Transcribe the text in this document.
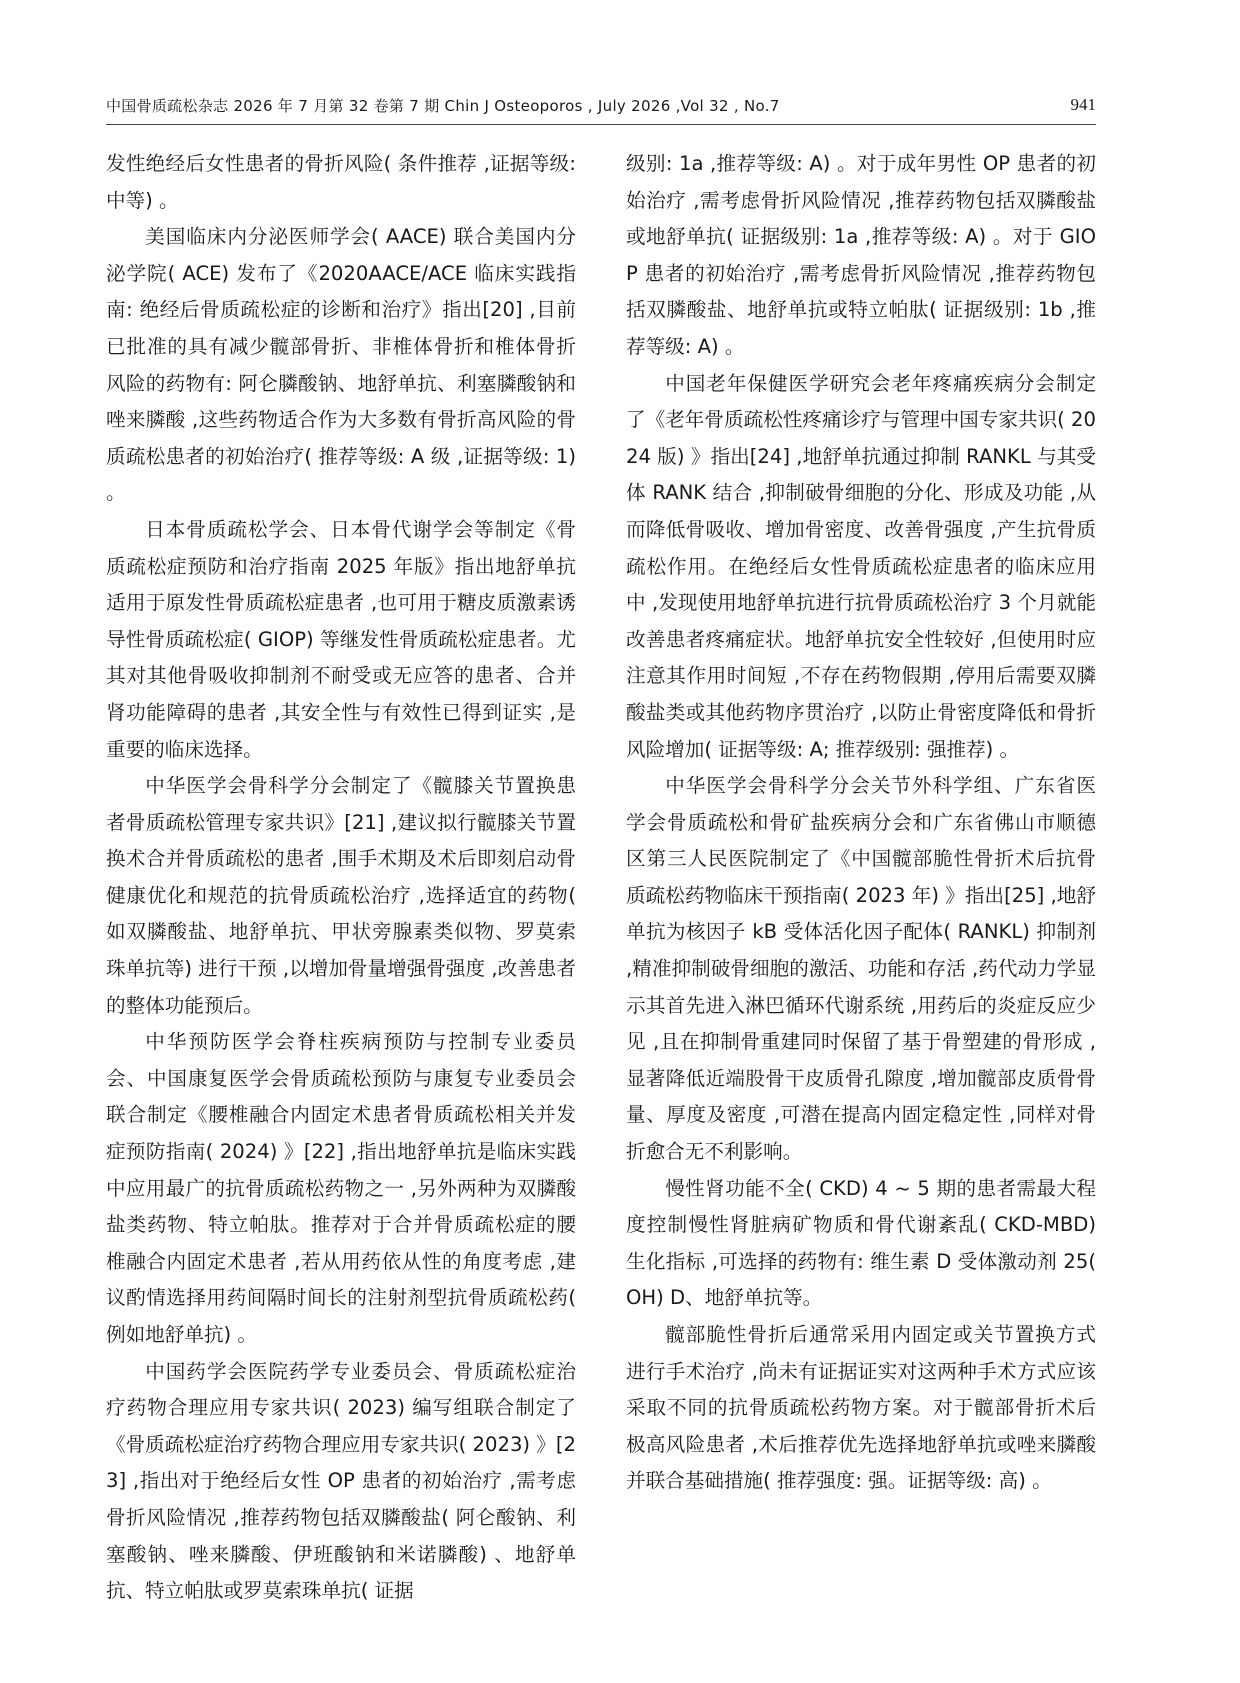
中国骨质疏松杂志 2026 年 7 月第 32 卷第 7 期 Chin J Osteoporos , July 2026 ,Vol 32 , No.7	941

发性绝经后女性患者的骨折风险( 条件推荐 ,证据等级: 中等) 。

美国临床内分泌医师学会( AACE) 联合美国内分泌学院( ACE) 发布了《2020AACE/ACE 临床实践指南: 绝经后骨质疏松症的诊断和治疗》指出[20] ,目前已批准的具有减少髋部骨折、非椎体骨折和椎体骨折风险的药物有: 阿仑膦酸钠、地舒单抗、利塞膦酸钠和唑来膦酸 ,这些药物适合作为大多数有骨折高风险的骨质疏松患者的初始治疗( 推荐等级: A 级 ,证据等级: 1) 。

日本骨质疏松学会、日本骨代谢学会等制定《骨质疏松症预防和治疗指南 2025 年版》指出地舒单抗适用于原发性骨质疏松症患者 ,也可用于糖皮质激素诱导性骨质疏松症( GIOP) 等继发性骨质疏松症患者。尤其对其他骨吸收抑制剂不耐受或无应答的患者、合并肾功能障碍的患者 ,其安全性与有效性已得到证实 ,是重要的临床选择。

中华医学会骨科学分会制定了《髋膝关节置换患者骨质疏松管理专家共识》[21] ,建议拟行髋膝关节置换术合并骨质疏松的患者 ,围手术期及术后即刻启动骨健康优化和规范的抗骨质疏松治疗 ,选择适宜的药物( 如双膦酸盐、地舒单抗、甲状旁腺素类似物、罗莫索珠单抗等) 进行干预 ,以增加骨量增强骨强度 ,改善患者的整体功能预后。

中华预防医学会脊柱疾病预防与控制专业委员会、中国康复医学会骨质疏松预防与康复专业委员会联合制定《腰椎融合内固定术患者骨质疏松相关并发症预防指南( 2024) 》[22] ,指出地舒单抗是临床实践中应用最广的抗骨质疏松药物之一 ,另外两种为双膦酸盐类药物、特立帕肽。推荐对于合并骨质疏松症的腰椎融合内固定术患者 ,若从用药依从性的角度考虑 ,建议酌情选择用药间隔时间长的注射剂型抗骨质疏松药( 例如地舒单抗) 。

中国药学会医院药学专业委员会、骨质疏松症治疗药物合理应用专家共识( 2023) 编写组联合制定了《骨质疏松症治疗药物合理应用专家共识( 2023) 》[23] ,指出对于绝经后女性 OP 患者的初始治疗 ,需考虑骨折风险情况 ,推荐药物包括双膦酸盐( 阿仑酸钠、利塞酸钠、唑来膦酸、伊班酸钠和米诺膦酸) 、地舒单抗、特立帕肽或罗莫索珠单抗( 证据

级别: 1a ,推荐等级: A) 。对于成年男性 OP 患者的初始治疗 ,需考虑骨折风险情况 ,推荐药物包括双膦酸盐或地舒单抗( 证据级别: 1a ,推荐等级: A) 。对于 GIOP 患者的初始治疗 ,需考虑骨折风险情况 ,推荐药物包括双膦酸盐、地舒单抗或特立帕肽( 证据级别: 1b ,推荐等级: A) 。

中国老年保健医学研究会老年疼痛疾病分会制定了《老年骨质疏松性疼痛诊疗与管理中国专家共识( 2024 版) 》指出[24] ,地舒单抗通过抑制 RANKL 与其受体 RANK 结合 ,抑制破骨细胞的分化、形成及功能 ,从而降低骨吸收、增加骨密度、改善骨强度 ,产生抗骨质疏松作用。在绝经后女性骨质疏松症患者的临床应用中 ,发现使用地舒单抗进行抗骨质疏松治疗 3 个月就能改善患者疼痛症状。地舒单抗安全性较好 ,但使用时应注意其作用时间短 ,不存在药物假期 ,停用后需要双膦酸盐类或其他药物序贯治疗 ,以防止骨密度降低和骨折风险增加( 证据等级: A; 推荐级别: 强推荐) 。

中华医学会骨科学分会关节外科学组、广东省医学会骨质疏松和骨矿盐疾病分会和广东省佛山市顺德区第三人民医院制定了《中国髋部脆性骨折术后抗骨质疏松药物临床干预指南( 2023 年) 》指出[25] ,地舒单抗为核因子 kB 受体活化因子配体( RANKL) 抑制剂 ,精准抑制破骨细胞的激活、功能和存活 ,药代动力学显示其首先进入淋巴循环代谢系统 ,用药后的炎症反应少见 ,且在抑制骨重建同时保留了基于骨塑建的骨形成 ,显著降低近端股骨干皮质骨孔隙度 ,增加髋部皮质骨骨量、厚度及密度 ,可潜在提高内固定稳定性 ,同样对骨折愈合无不利影响。

慢性肾功能不全( CKD) 4 ~ 5 期的患者需最大程度控制慢性肾脏病矿物质和骨代谢紊乱( CKD-MBD) 生化指标 ,可选择的药物有: 维生素 D 受体激动剂 25( OH) D、地舒单抗等。

髋部脆性骨折后通常采用内固定或关节置换方式进行手术治疗 ,尚未有证据证实对这两种手术方式应该采取不同的抗骨质疏松药物方案。对于髋部骨折术后极高风险患者 ,术后推荐优先选择地舒单抗或唑来膦酸并联合基础措施( 推荐强度: 强。证据等级: 高) 。
